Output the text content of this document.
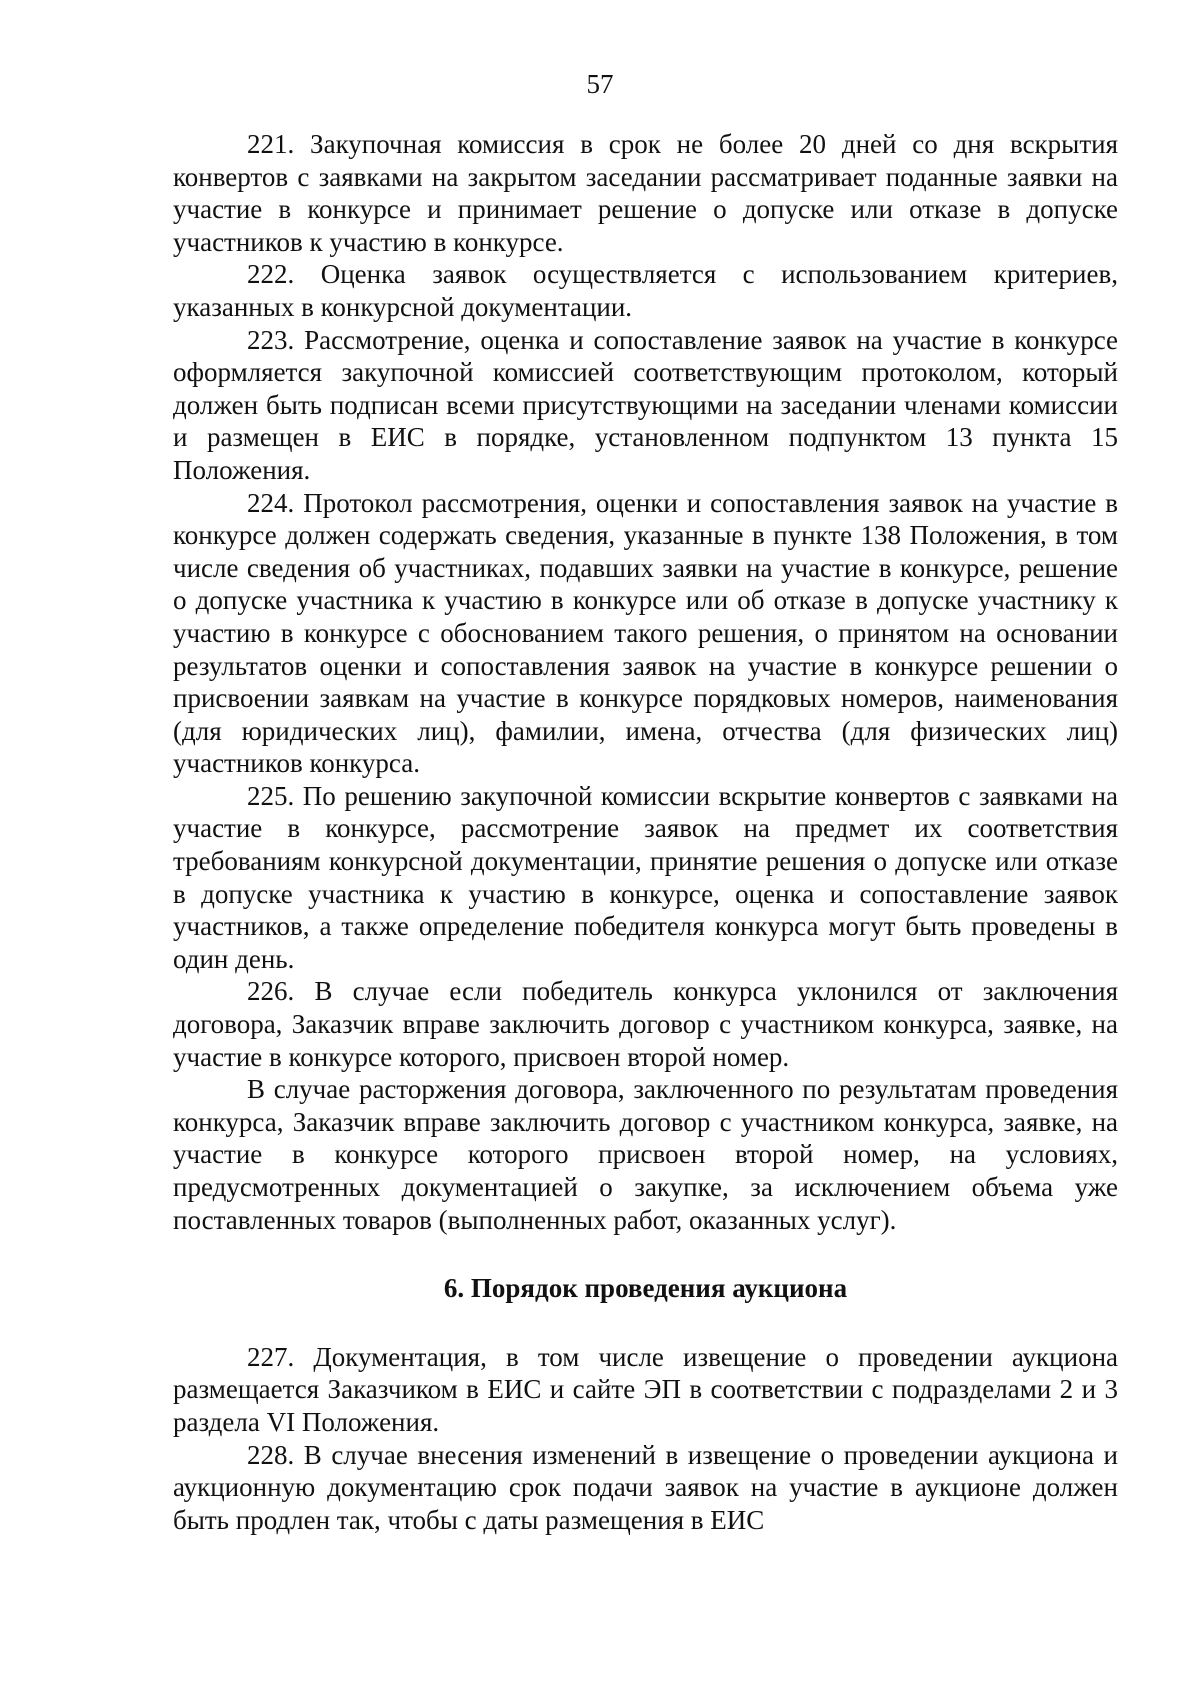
57

221. Закупочная комиссия в срок не более 20 дней со дня вскрытия конвертов с заявками на закрытом заседании рассматривает поданные заявки на участие в конкурсе и принимает решение о допуске или отказе в допуске участников к участию в конкурсе.

222. Оценка заявок осуществляется с использованием критериев, указанных в конкурсной документации.

223. Рассмотрение, оценка и сопоставление заявок на участие в конкурсе оформляется закупочной комиссией соответствующим протоколом, который должен быть подписан всеми присутствующими на заседании членами комиссии и размещен в ЕИС в порядке, установленном подпунктом 13 пункта 15 Положения.

224. Протокол рассмотрения, оценки и сопоставления заявок на участие в конкурсе должен содержать сведения, указанные в пункте 138 Положения, в том числе сведения об участниках, подавших заявки на участие в конкурсе, решение о допуске участника к участию в конкурсе или об отказе в допуске участнику к участию в конкурсе с обоснованием такого решения, о принятом на основании результатов оценки и сопоставления заявок на участие в конкурсе решении о присвоении заявкам на участие в конкурсе порядковых номеров, наименования (для юридических лиц), фамилии, имена, отчества (для физических лиц) участников конкурса.

225. По решению закупочной комиссии вскрытие конвертов с заявками на участие в конкурсе, рассмотрение заявок на предмет их соответствия требованиям конкурсной документации, принятие решения о допуске или отказе в допуске участника к участию в конкурсе, оценка и сопоставление заявок участников, а также определение победителя конкурса могут быть проведены в один день.

226. В случае если победитель конкурса уклонился от заключения договора, Заказчик вправе заключить договор с участником конкурса, заявке, на участие в конкурсе которого, присвоен второй номер.

В случае расторжения договора, заключенного по результатам проведения конкурса, Заказчик вправе заключить договор с участником конкурса, заявке, на участие в конкурсе которого присвоен второй номер, на условиях, предусмотренных документацией о закупке, за исключением объема уже поставленных товаров (выполненных работ, оказанных услуг).

6. Порядок проведения аукциона

227. Документация, в том числе извещение о проведении аукциона размещается Заказчиком в ЕИС и сайте ЭП в соответствии с подразделами 2 и 3 раздела VI Положения.

228. В случае внесения изменений в извещение о проведении аукциона и аукционную документацию срок подачи заявок на участие в аукционе должен быть продлен так, чтобы с даты размещения в ЕИС
